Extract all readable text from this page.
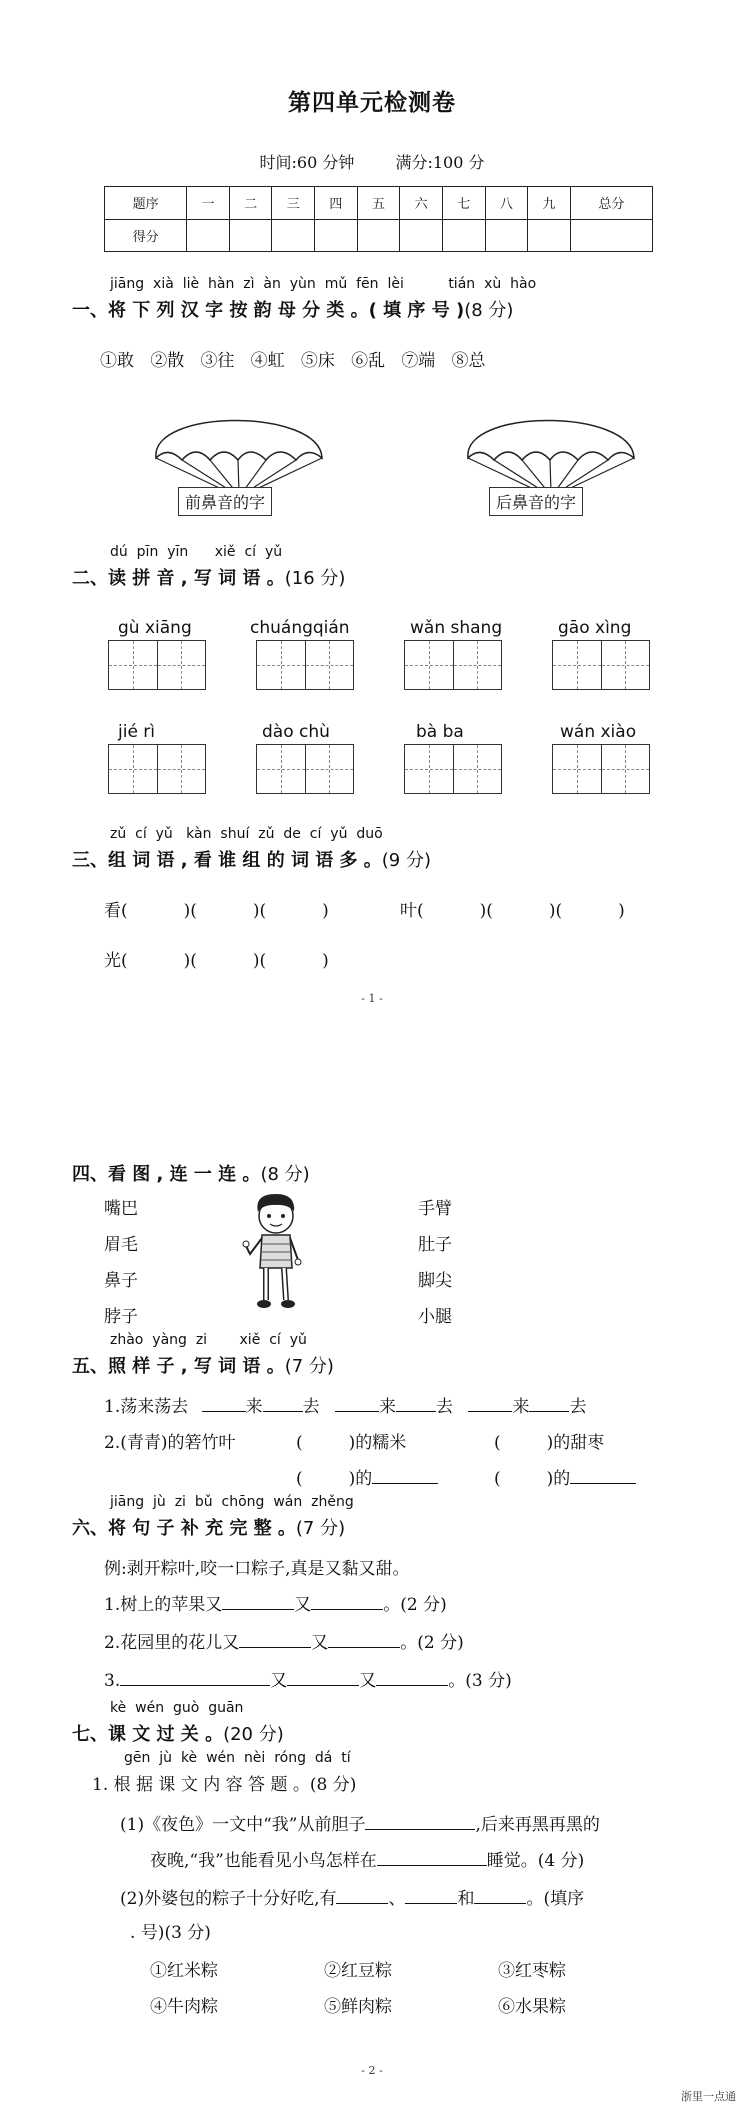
第四单元检测卷
时间:60 分钟	满分:100 分
题序	一	二	三	四	五	六	七	八	九	总分
得分										
jiāng xià liè hàn zì àn yùn mǔ fēn lèi	tián xù hào
一、将 下 列 汉 字 按 韵 母 分 类 。( 填 序 号 )(8 分)
①敢 ②散 ③往 ④虹 ⑤床 ⑥乱 ⑦端 ⑧总
前鼻音的字	后鼻音的字
dú pīn yīn xiě cí yǔ
二、读 拼 音 , 写 词 语 。(16 分)
gù xiāng	chuángqián	wǎn shang	gāo xìng
jié rì	dào chù	bà ba	wán xiào
zǔ cí yǔ kàn shuí zǔ de cí yǔ duō
三、组 词 语 , 看 谁 组 的 词 语 多 。(9 分)
看(	)(	)(	)	叶(	)(	)(	)
光(	)(	)(	)
- 1 -
四、看 图 , 连 一 连 。(8 分)
嘴巴
眉毛
鼻子
脖子
手臂
肚子
脚尖
小腿
zhào yàng zi xiě cí yǔ
五、照 样 子 , 写 词 语 。(7 分)
1.荡来荡去	来 去	来 去	来 去
2.(青青)的箬竹叶	(	)的糯米	(	)的甜枣
(	)的	(	)的
jiāng jù zi bǔ chōng wán zhěng
六、将 句 子 补 充 完 整 。(7 分)
例:剥开粽叶,咬一口粽子,真是又黏又甜。
1.树上的苹果又	又	。(2 分)
2.花园里的花儿又	又	。(2 分)
3.	又	又	。(3 分)
kè wén guò guān
七、课 文 过 关 。(20 分)
gēn jù kè wén nèi róng dá tí
1. 根 据 课 文 内 容 答 题 。(8 分)
(1)《夜色》一文中“我”从前胆子	,后来再黑再黑的
夜晚,“我”也能看见小鸟怎样在	睡觉。(4 分)
(2)外婆包的粽子十分好吃,有	、	和	。(填序
. 号)(3 分)
①红米粽	②红豆粽	③红枣粽
④牛肉粽	⑤鲜肉粽	⑥水果粽
- 2 -
浙里一点通
